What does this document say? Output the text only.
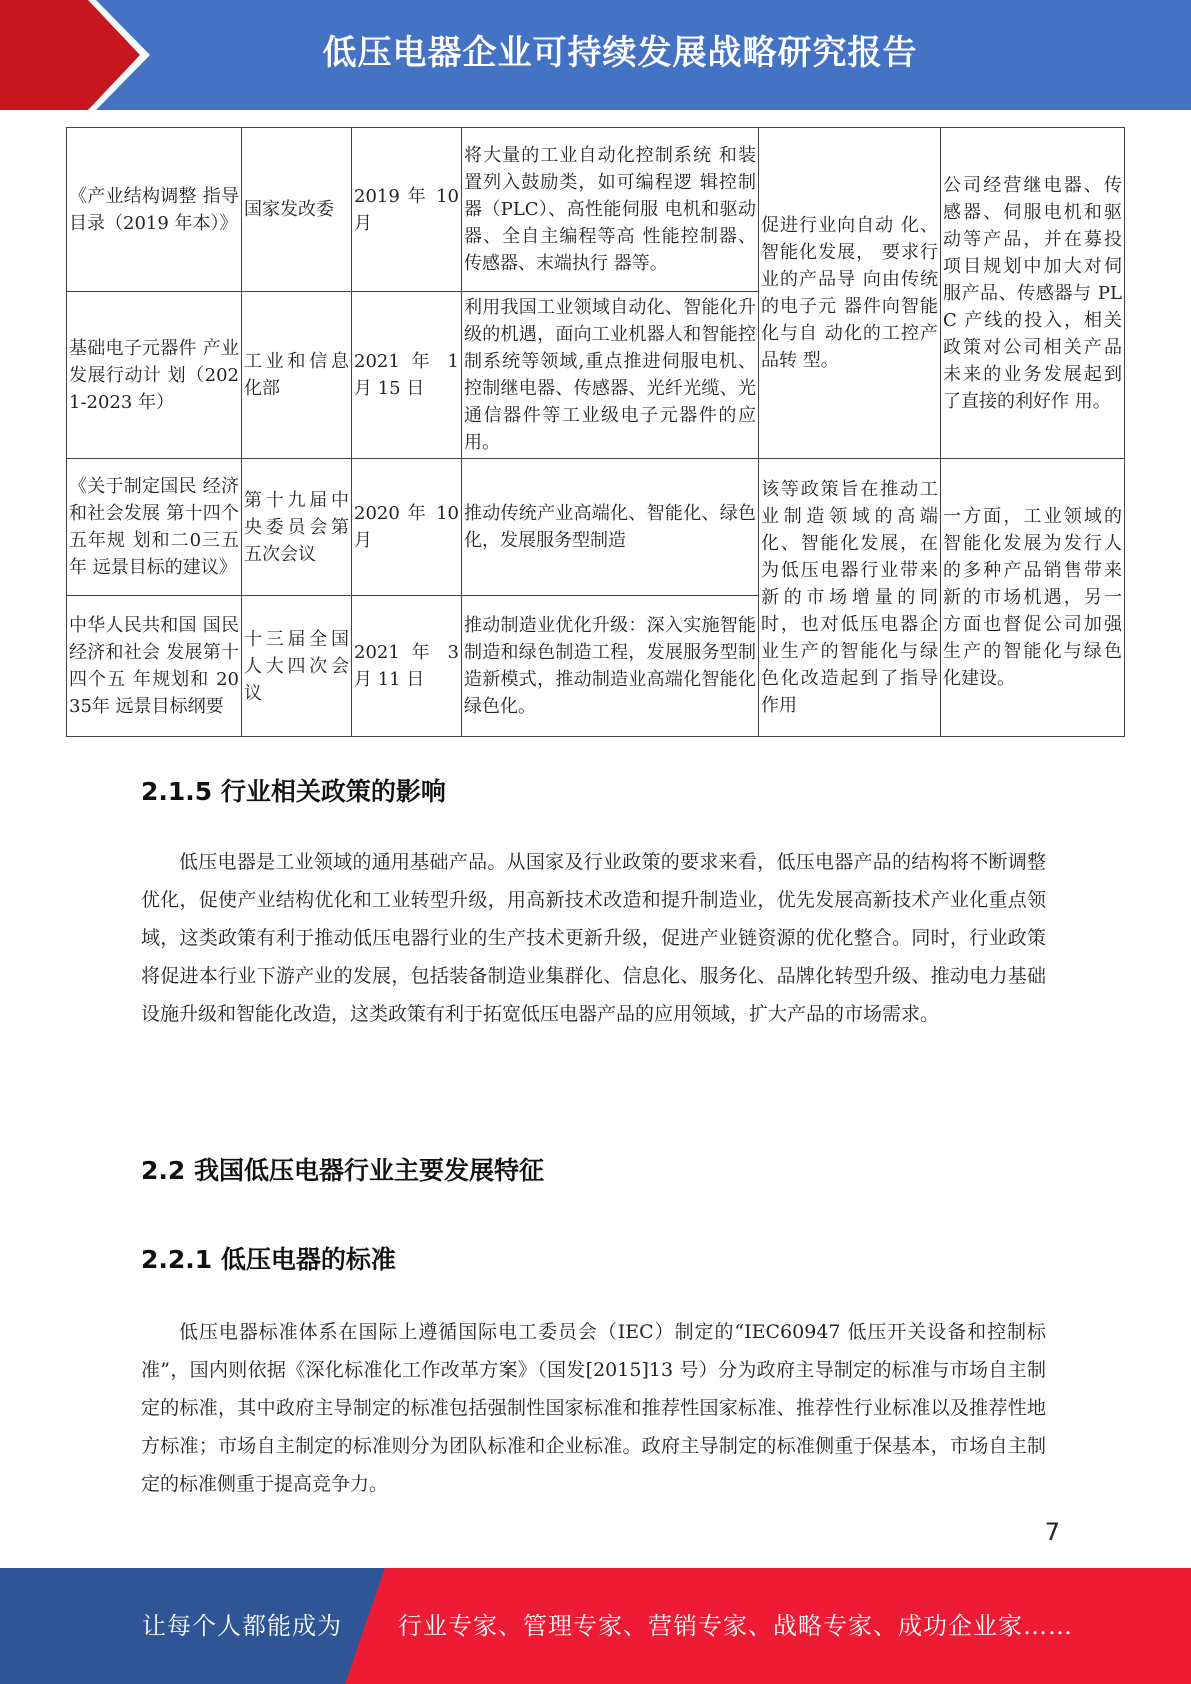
低压电器企业可持续发展战略研究报告
《产业结构调整 指导目录（2019 年本）》	国家发改委	2019 年 10 月	将大量的工业自动化控制系统 和装置列入鼓励类，如可编程逻 辑控制器（PLC）、高性能伺服 电机和驱动器、全自主编程等高 性能控制器、传感器、末端执行 器等。	促进行业向自动 化、智能化发展， 要求行业的产品导 向由传统的电子元 器件向智能化与自 动化的工控产品转 型。	公司经营继电器、传感器、伺服电机和驱动等产品，并在募投项目规划中加大对伺服产品、传感器与 PLC 产线的投入，相关政策对公司相关产品未来的业务发展起到了直接的利好作 用。
基础电子元器件 产业发展行动计 划（2021-2023 年）	工业和信息化部	2021 年 1 月 15 日	利用我国工业领域自动化、智能化升级的机遇，面向工业机器人和智能控制系统等领域,重点推进伺服电机、控制继电器、传感器、光纤光缆、光通信器件等工业级电子元器件的应用。		
《关于制定国民 经济和社会发展 第十四个五年规 划和二0三五年 远景目标的建议》	第十九届中央委员会第五次会议	2020 年 10 月	推动传统产业高端化、智能化、绿色化，发展服务型制造	该等政策旨在推动工业制造领域的高端化、智能化发展，在为低压电器行业带来新的市场增量的同时，也对低压电器企业生产的智能化与绿色化改造起到了指导作用	一方面，工业领域的智能化发展为发行人的多种产品销售带来新的市场机遇，另一方面也督促公司加强生产的智能化与绿色化建设。
中华人民共和国 国民经济和社会 发展第十四个五 年规划和 2035年 远景目标纲要	十三届全国人大四次会议	2021 年 3 月 11 日	推动制造业优化升级：深入实施智能制造和绿色制造工程，发展服务型制造新模式，推动制造业高端化智能化绿色化。		
2.1.5 行业相关政策的影响
低压电器是工业领域的通用基础产品。从国家及行业政策的要求来看，低压电器产品的结构将不断调整优化，促使产业结构优化和工业转型升级，用高新技术改造和提升制造业，优先发展高新技术产业化重点领域，这类政策有利于推动低压电器行业的生产技术更新升级，促进产业链资源的优化整合。同时，行业政策将促进本行业下游产业的发展，包括装备制造业集群化、信息化、服务化、品牌化转型升级、推动电力基础设施升级和智能化改造，这类政策有利于拓宽低压电器产品的应用领域，扩大产品的市场需求。
2.2 我国低压电器行业主要发展特征
2.2.1 低压电器的标准
低压电器标准体系在国际上遵循国际电工委员会（IEC）制定的“IEC60947 低压开关设备和控制标准”，国内则依据《深化标准化工作改革方案》（国发[2015]13 号）分为政府主导制定的标准与市场自主制定的标准，其中政府主导制定的标准包括强制性国家标准和推荐性国家标准、推荐性行业标准以及推荐性地方标准；市场自主制定的标准则分为团队标准和企业标准。政府主导制定的标准侧重于保基本，市场自主制定的标准侧重于提高竞争力。
7
让每个人都能成为 行业专家、管理专家、营销专家、战略专家、成功企业家……
